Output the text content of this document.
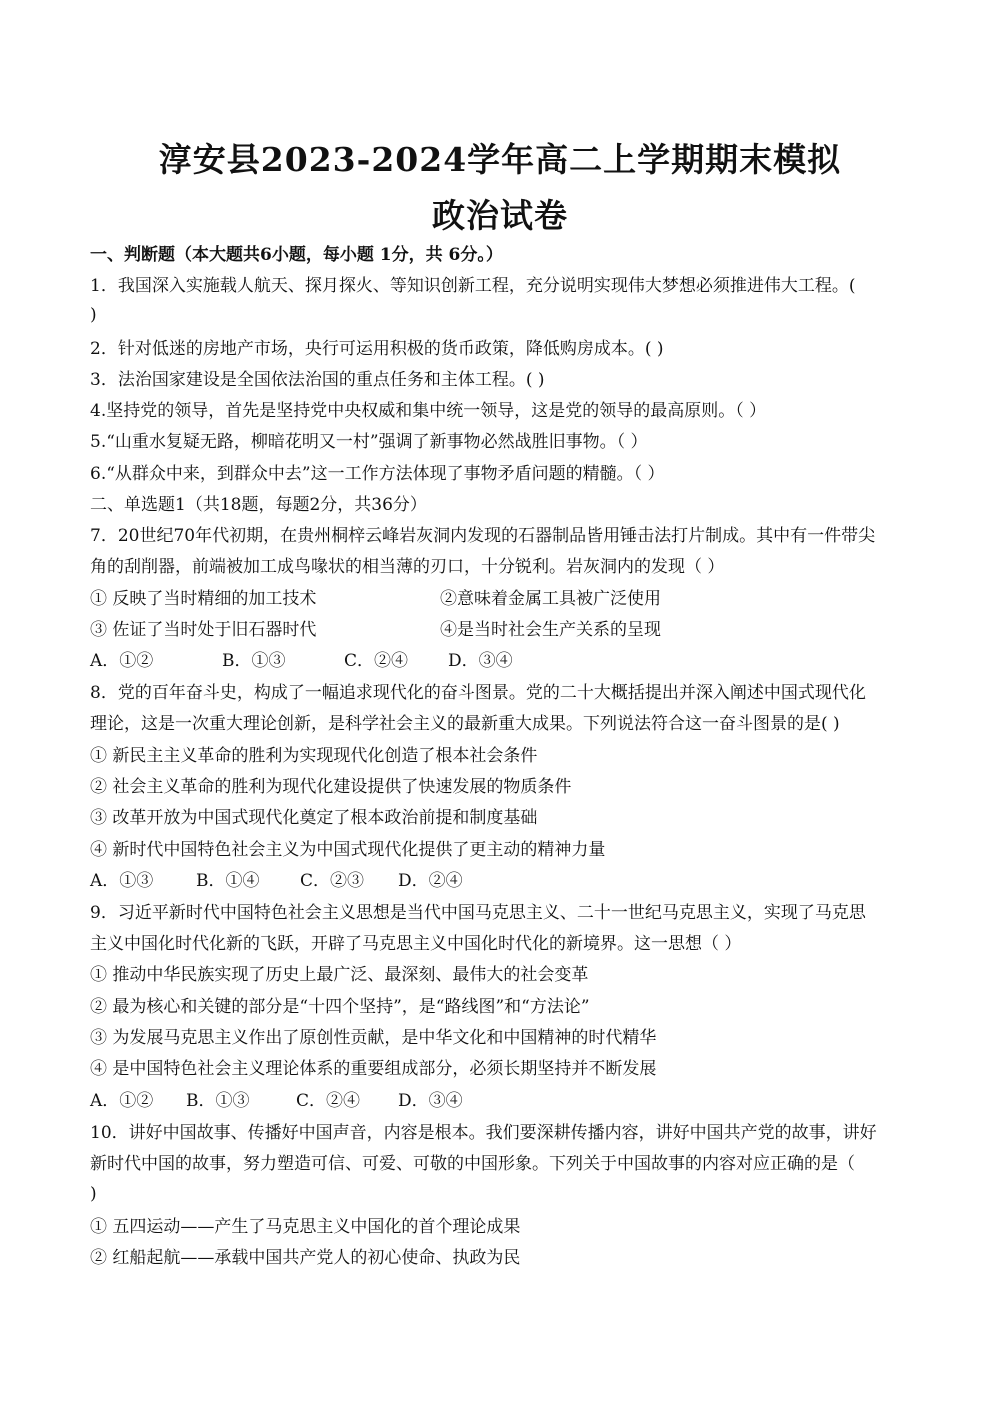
淳安县2023-2024学年高二上学期期末模拟
政治试卷
一、判断题（本大题共6小题，每小题 1分，共 6分。）
1．我国深入实施载人航天、探月探火、等知识创新工程，充分说明实现伟大梦想必须推进伟大工程。(
)
2．针对低迷的房地产市场，央行可运用积极的货币政策，降低购房成本。( )
3．法治国家建设是全国依法治国的重点任务和主体工程。( )
4.坚持党的领导，首先是坚持党中央权威和集中统一领导，这是党的领导的最高原则。（ ）
5.“山重水复疑无路，柳暗花明又一村”强调了新事物必然战胜旧事物。（ ）
6.“从群众中来，到群众中去”这一工作方法体现了事物矛盾问题的精髓。（ ）
二、单选题1（共18题，每题2分，共36分）
7．20世纪70年代初期，在贵州桐梓云峰岩灰洞内发现的石器制品皆用锤击法打片制成。其中有一件带尖
角的刮削器，前端被加工成鸟喙状的相当薄的刃口，十分锐利。岩灰洞内的发现（ ）
① 反映了当时精细的加工技术	②意味着金属工具被广泛使用
③ 佐证了当时处于旧石器时代	④是当时社会生产关系的呈现
A．①②	B．①③	C．②④ D．③④
8．党的百年奋斗史，构成了一幅追求现代化的奋斗图景。党的二十大概括提出并深入阐述中国式现代化
理论，这是一次重大理论创新，是科学社会主义的最新重大成果。下列说法符合这一奋斗图景的是( )
① 新民主主义革命的胜利为实现现代化创造了根本社会条件
② 社会主义革命的胜利为现代化建设提供了快速发展的物质条件
③ 改革开放为中国式现代化奠定了根本政治前提和制度基础
④ 新时代中国特色社会主义为中国式现代化提供了更主动的精神力量
A．①③	B．①④ C．②③ D．②④
9．习近平新时代中国特色社会主义思想是当代中国马克思主义、二十一世纪马克思主义，实现了马克思
主义中国化时代化新的飞跃，开辟了马克思主义中国化时代化的新境界。这一思想（ ）
① 推动中华民族实现了历史上最广泛、最深刻、最伟大的社会变革
② 最为核心和关键的部分是“十四个坚持”，是“路线图”和“方法论”
③ 为发展马克思主义作出了原创性贡献，是中华文化和中国精神的时代精华
④ 是中国特色社会主义理论体系的重要组成部分，必须长期坚持并不断发展
A．①② B．①③	C．②④ D．③④
10．讲好中国故事、传播好中国声音，内容是根本。我们要深耕传播内容，讲好中国共产党的故事，讲好
新时代中国的故事，努力塑造可信、可爱、可敬的中国形象。下列关于中国故事的内容对应正确的是（
)
① 五四运动——产生了马克思主义中国化的首个理论成果
② 红船起航——承载中国共产党人的初心使命、执政为民
